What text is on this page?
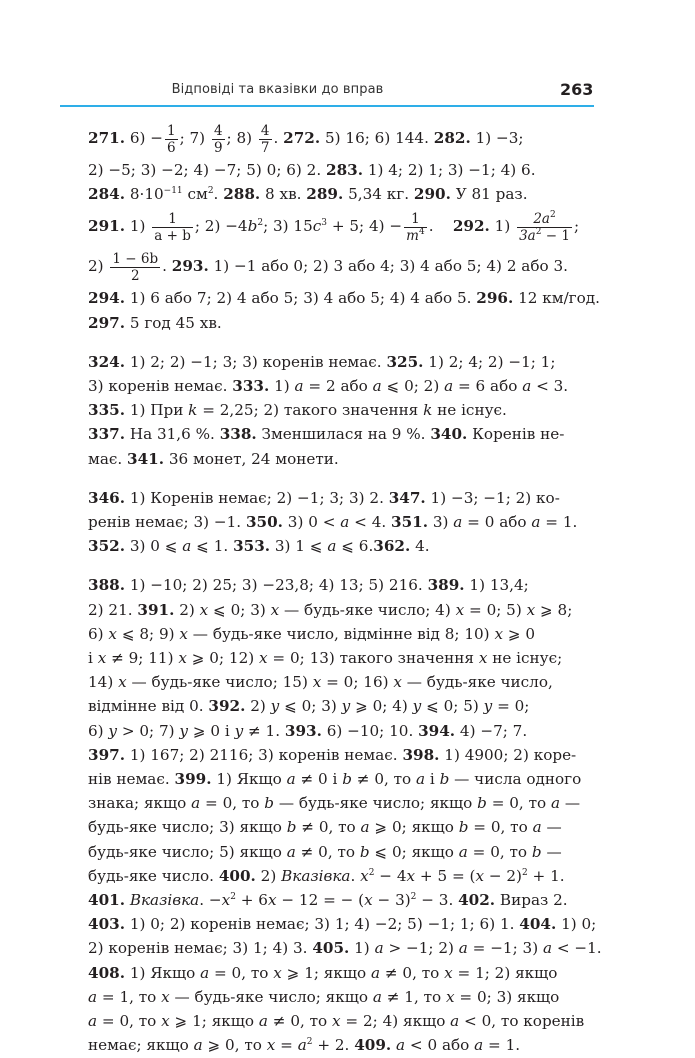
Відповіді та вказівки до вправ	263
271. $6) - \frac{1}{6}$ ; $7) \frac{4}{9}$ ; $8) \frac{4}{7}$ . 272. 5) 16; 6) 144. 282. 1) −3;
2) −5; 3) −2; 4) −7; 5) 0; 6) 2. 283. 1) 4; 2) 1; 3) −1; 4) 6.
284. $8\cdot 10^{-11}$ $см^2$. 288. 8 хв. 289. 5,34 кг. 290. У 81 раз.
291. $1) \frac{1}{a + b}$ ; $2) -4b^2$; 3) $15c^3 + 5$; $4) - \frac{1}{m^4}$ . 292. $1) \frac{2a^2}{3a^2 - 1}$ ;
$2) \frac{1 - 6b}{2}$ . 293. 1) −1 або 0; 2) 3 або 4; 3) 4 або 5; 4) 2 або 3.
294. 1) 6 або 7; 2) 4 або 5; 3) 4 або 5; 4) 4 або 5. 296. 12 км/год.
297. 5 год 45 хв.
324. 1) 2; 2) −1; 3; 3) коренів немає. 325. 1) 2; 4; 2) −1; 1;
3) коренів немає. 333. 1) a = 2 або a ⩽ 0; 2) a = 6 або a < 3.
335. 1) При k = 2,25; 2) такого значення k не існує.
337. На 31,6 %. 338. Зменшилася на 9 %. 340. Коренів не-
має. 341. 36 монет, 24 монети.
346. 1) Коренів немає; 2) −1; 3; 3) 2. 347. 1) −3; −1; 2) ко-
ренів немає; 3) −1. 350. 3) 0 < a < 4. 351. 3) a = 0 або a = 1.
352. 3) 0 ⩽ a ⩽ 1. 353. 3) 1 ⩽ a ⩽ 6.362. 4.
388. 1) −10; 2) 25; 3) −23,8; 4) 13; 5) 216. 389. 1) 13,4;
2) 21. 391. 2) x ⩽ 0; 3) x — будь-яке число; 4) x = 0; 5) x ⩾ 8;
6) x ⩽ 8; 9) x — будь-яке число, відмінне від 8; 10) x ⩾ 0
і x ≠ 9; 11) x ⩾ 0; 12) x = 0; 13) такого значення x не існує;
14) x — будь-яке число; 15) x = 0; 16) x — будь-яке число,
відмінне від 0. 392. 2) y ⩽ 0; 3) y ⩾ 0; 4) y ⩽ 0; 5) y = 0;
6) y > 0; 7) y ⩾ 0 і y ≠ 1. 393. 6) −10; 10. 394. 4) −7; 7.
397. 1) 167; 2) 2116; 3) коренів немає. 398. 1) 4900; 2) коре-
нів немає. 399. 1) Якщо a ≠ 0 і b ≠ 0, то a і b — числа одного
знака; якщо a = 0, то b — будь-яке число; якщо b = 0, то a —
будь-яке число; 3) якщо b ≠ 0, то a ⩾ 0; якщо b = 0, то a —
будь-яке число; 5) якщо a ≠ 0, то b ⩽ 0; якщо a = 0, то b —
будь-яке число. 400. 2) Вказівка. $x^2 - 4x + 5 = (x - 2)^2 + 1$.
401. Вказівка. $-x^2 + 6x - 12$ = − $(x - 3)^2 - 3$. 402. Вираз 2.
403. 1) 0; 2) коренів немає; 3) 1; 4) −2; 5) −1; 1; 6) 1. 404. 1) 0;
2) коренів немає; 3) 1; 4) 3. 405. 1) a > −1; 2) a = −1; 3) a < −1.
408. 1) Якщо a = 0, то x ⩾ 1; якщо a ≠ 0, то x = 1; 2) якщо
a = 1, то x — будь-яке число; якщо a ≠ 1, то x = 0; 3) якщо
a = 0, то x ⩾ 1; якщо a ≠ 0, то x = 2; 4) якщо a < 0, то коренів
немає; якщо a ⩾ 0, то $x = a^2 + 2$. 409. a < 0 або a = 1.
